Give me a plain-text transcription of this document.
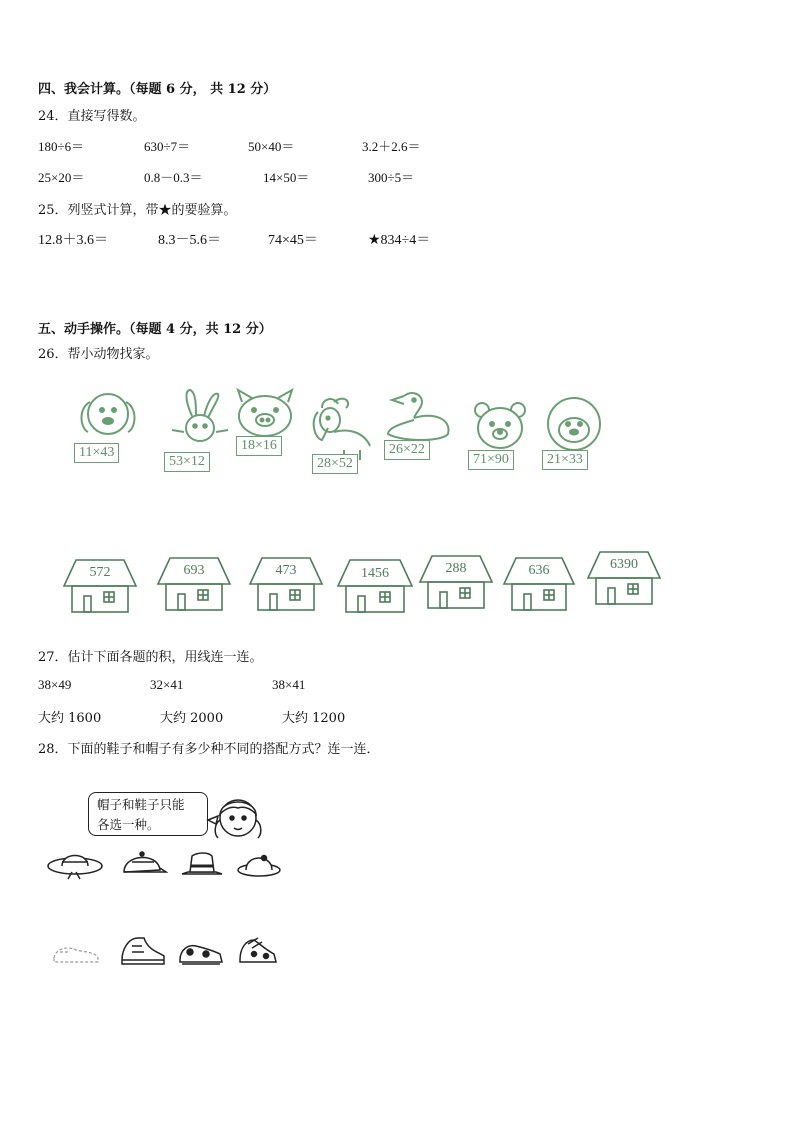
四、我会计算。（每题 6 分， 共 12 分）
24．直接写得数。
180÷6＝	630÷7＝	50×40＝	3.2＋2.6＝
25×20＝	0.8－0.3＝	14×50＝	300÷5＝
25．列竖式计算，带★的要验算。
12.8＋3.6＝	8.3－5.6＝	74×45＝	★834÷4＝
五、动手操作。（每题 4 分，共 12 分）
26．帮小动物找家。
11×43
53×12
18×16
28×52
26×22
71×90	21×33
572	693	473	1456	288	636	6390
27．估计下面各题的积，用线连一连。
38×49	32×41	38×41
大约 1600	大约 2000	大约 1200
28．下面的鞋子和帽子有多少种不同的搭配方式？连一连．
帽子和鞋子只能
各选一种。
